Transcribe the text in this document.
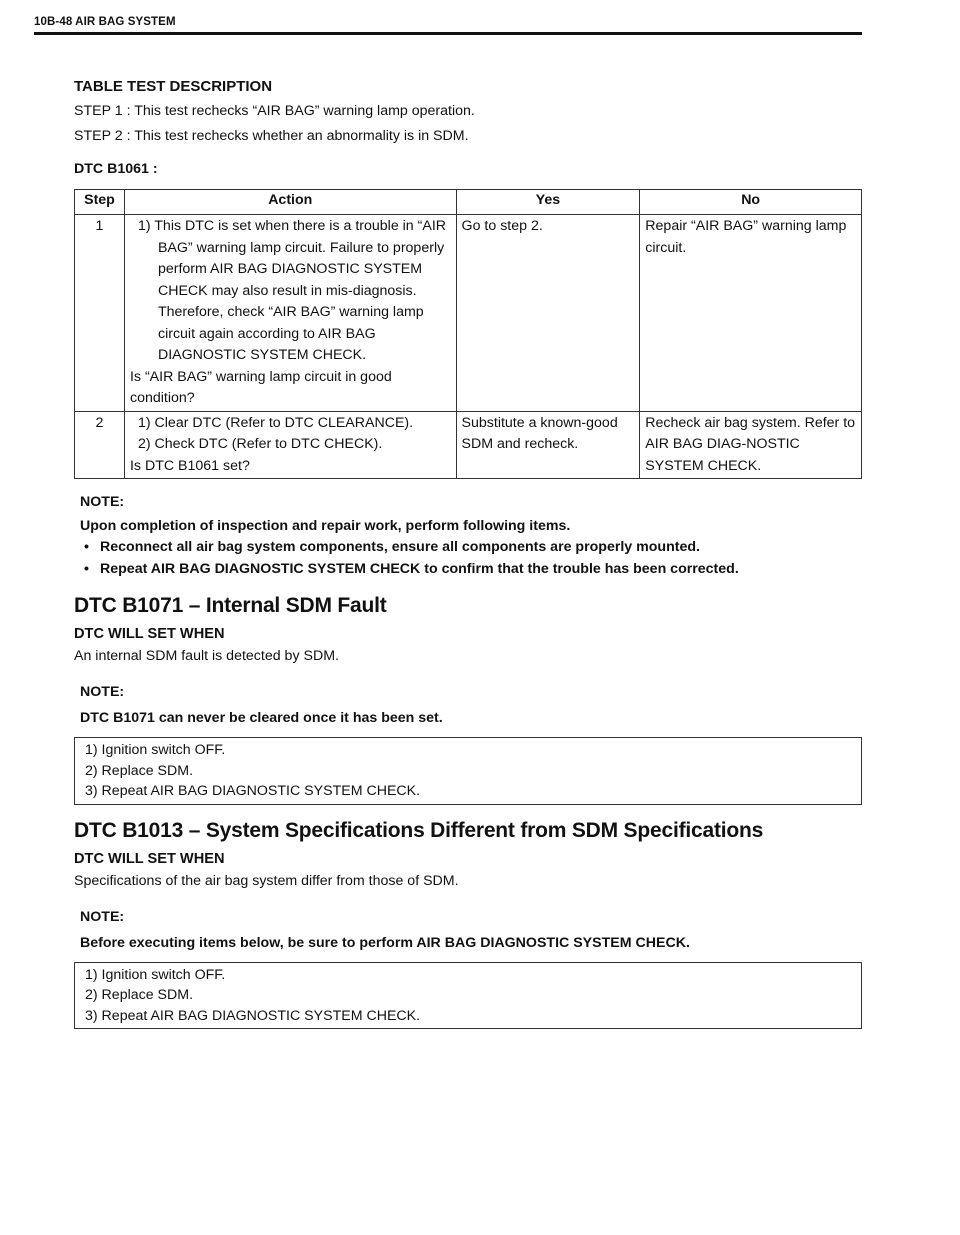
10B-48 AIR BAG SYSTEM
TABLE TEST DESCRIPTION
STEP 1 : This test rechecks “AIR BAG” warning lamp operation.
STEP 2 : This test rechecks whether an abnormality is in SDM.
DTC B1061 :
Step	Action	Yes	No
1	1) This DTC is set when there is a trouble in “AIR BAG” warning lamp circuit. Failure to properly perform AIR BAG DIAGNOSTIC SYSTEM CHECK may also result in mis-diagnosis. Therefore, check “AIR BAG” warning lamp circuit again according to AIR BAG DIAGNOSTIC SYSTEM CHECK.
Is “AIR BAG” warning lamp circuit in good condition?	Go to step 2.	Repair “AIR BAG” warning lamp circuit.
2	1) Clear DTC (Refer to DTC CLEARANCE).
2) Check DTC (Refer to DTC CHECK).
Is DTC B1061 set?	Substitute a known-good SDM and recheck.	Recheck air bag system. Refer to AIR BAG DIAG-NOSTIC SYSTEM CHECK.
NOTE:
Upon completion of inspection and repair work, perform following items.
• Reconnect all air bag system components, ensure all components are properly mounted.
• Repeat AIR BAG DIAGNOSTIC SYSTEM CHECK to confirm that the trouble has been corrected.
DTC B1071 – Internal SDM Fault
DTC WILL SET WHEN
An internal SDM fault is detected by SDM.
NOTE:
DTC B1071 can never be cleared once it has been set.
1) Ignition switch OFF.
2) Replace SDM.
3) Repeat AIR BAG DIAGNOSTIC SYSTEM CHECK.
DTC B1013 – System Specifications Different from SDM Specifications
DTC WILL SET WHEN
Specifications of the air bag system differ from those of SDM.
NOTE:
Before executing items below, be sure to perform AIR BAG DIAGNOSTIC SYSTEM CHECK.
1) Ignition switch OFF.
2) Replace SDM.
3) Repeat AIR BAG DIAGNOSTIC SYSTEM CHECK.
